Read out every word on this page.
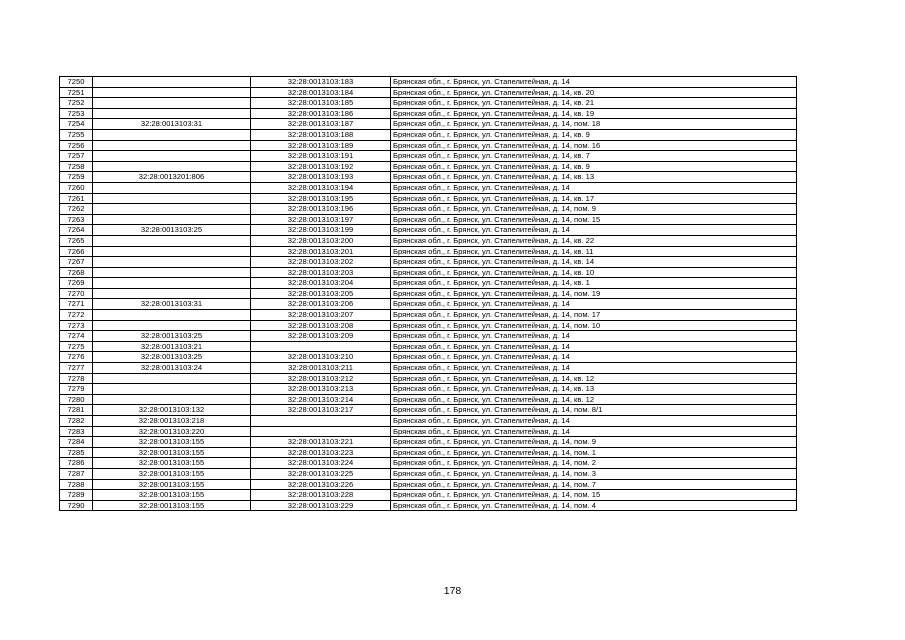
7250		32:28:0013103:183	Брянская обл., г. Брянск, ул. Стапелитейная, д. 14
7251		32:28:0013103:184	Брянская обл., г. Брянск, ул. Стапелитейная, д. 14, кв. 20
7252		32:28:0013103:185	Брянская обл., г. Брянск, ул. Стапелитейная, д. 14, кв. 21
7253		32:28:0013103:186	Брянская обл., г. Брянск, ул. Стапелитейная, д. 14, кв. 19
7254	32:28:0013103:31	32:28:0013103:187	Брянская обл., г. Брянск, ул. Стапелитейная, д. 14, пом. 18
7255		32:28:0013103:188	Брянская обл., г. Брянск, ул. Стапелитейная, д. 14, кв. 9
7256		32:28:0013103:189	Брянская обл., г. Брянск, ул. Стапелитейная, д. 14, пом. 16
7257		32:28:0013103:191	Брянская обл., г. Брянск, ул. Стапелитейная, д. 14, кв. 7
7258		32:28:0013103:192	Брянская обл., г. Брянск, ул. Стапелитейная, д. 14, кв. 9
7259	32:28:0013201:806	32:28:0013103:193	Брянская обл., г. Брянск, ул. Стапелитейная, д. 14, кв. 13
7260		32:28:0013103:194	Брянская обл., г. Брянск, ул. Стапелитейная, д. 14
7261		32:28:0013103:195	Брянская обл., г. Брянск, ул. Стапелитейная, д. 14, кв. 17
7262		32:28:0013103:196	Брянская обл., г. Брянск, ул. Стапелитейная, д. 14, пом. 9
7263		32:28:0013103:197	Брянская обл., г. Брянск, ул. Стапелитейная, д. 14, пом. 15
7264	32:28:0013103:25	32:28:0013103:199	Брянская обл., г. Брянск, ул. Стапелитейная, д. 14
7265		32:28:0013103:200	Брянская обл., г. Брянск, ул. Стапелитейная, д. 14, кв. 22
7266		32:28:0013103:201	Брянская обл., г. Брянск, ул. Стапелитейная, д. 14, кв. 11
7267		32:28:0013103:202	Брянская обл., г. Брянск, ул. Стапелитейная, д. 14, кв. 14
7268		32:28:0013103:203	Брянская обл., г. Брянск, ул. Стапелитейная, д. 14, кв. 10
7269		32:28:0013103:204	Брянская обл., г. Брянск, ул. Стапелитейная, д. 14, кв. 1
7270		32:28:0013103:205	Брянская обл., г. Брянск, ул. Стапелитейная, д. 14, пом. 19
7271	32:28:0013103:31	32:28:0013103:206	Брянская обл., г. Брянск, ул. Стапелитейная, д. 14
7272		32:28:0013103:207	Брянская обл., г. Брянск, ул. Стапелитейная, д. 14, пом. 17
7273		32:28:0013103:208	Брянская обл., г. Брянск, ул. Стапелитейная, д. 14, пом. 10
7274	32:28:0013103:25	32:28:0013103:209	Брянская обл., г. Брянск, ул. Стапелитейная, д. 14
7275	32:28:0013103:21		Брянская обл., г. Брянск, ул. Стапелитейная, д. 14
7276	32:28:0013103:25	32:28:0013103:210	Брянская обл., г. Брянск, ул. Стапелитейная, д. 14
7277	32:28:0013103:24	32:28:0013103:211	Брянская обл., г. Брянск, ул. Стапелитейная, д. 14
7278		32:28:0013103:212	Брянская обл., г. Брянск, ул. Стапелитейная, д. 14, кв. 12
7279		32:28:0013103:213	Брянская обл., г. Брянск, ул. Стапелитейная, д. 14, кв. 13
7280		32:28:0013103:214	Брянская обл., г. Брянск, ул. Стапелитейная, д. 14, кв. 12
7281	32:28:0013103:132	32:28:0013103:217	Брянская обл., г. Брянск, ул. Стапелитейная, д. 14, пом. 8/1
7282	32:28:0013103:218		Брянская обл., г. Брянск, ул. Стапелитейная, д. 14
7283	32:28:0013103:220		Брянская обл., г. Брянск, ул. Стапелитейная, д. 14
7284	32:28:0013103:155	32:28:0013103:221	Брянская обл., г. Брянск, ул. Стапелитейная, д. 14, пом. 9
7285	32:28:0013103:155	32:28:0013103:223	Брянская обл., г. Брянск, ул. Стапелитейная, д. 14, пом. 1
7286	32:28:0013103:155	32:28:0013103:224	Брянская обл., г. Брянск, ул. Стапелитейная, д. 14, пом. 2
7287	32:28:0013103:155	32:28:0013103:225	Брянская обл., г. Брянск, ул. Стапелитейная, д. 14, пом. 3
7288	32:28:0013103:155	32:28:0013103:226	Брянская обл., г. Брянск, ул. Стапелитейная, д. 14, пом. 7
7289	32:28:0013103:155	32:28:0013103:228	Брянская обл., г. Брянск, ул. Стапелитейная, д. 14, пом. 15
7290	32:28:0013103:155	32:28:0013103:229	Брянская обл., г. Брянск, ул. Стапелитейная, д. 14, пом. 4
178
